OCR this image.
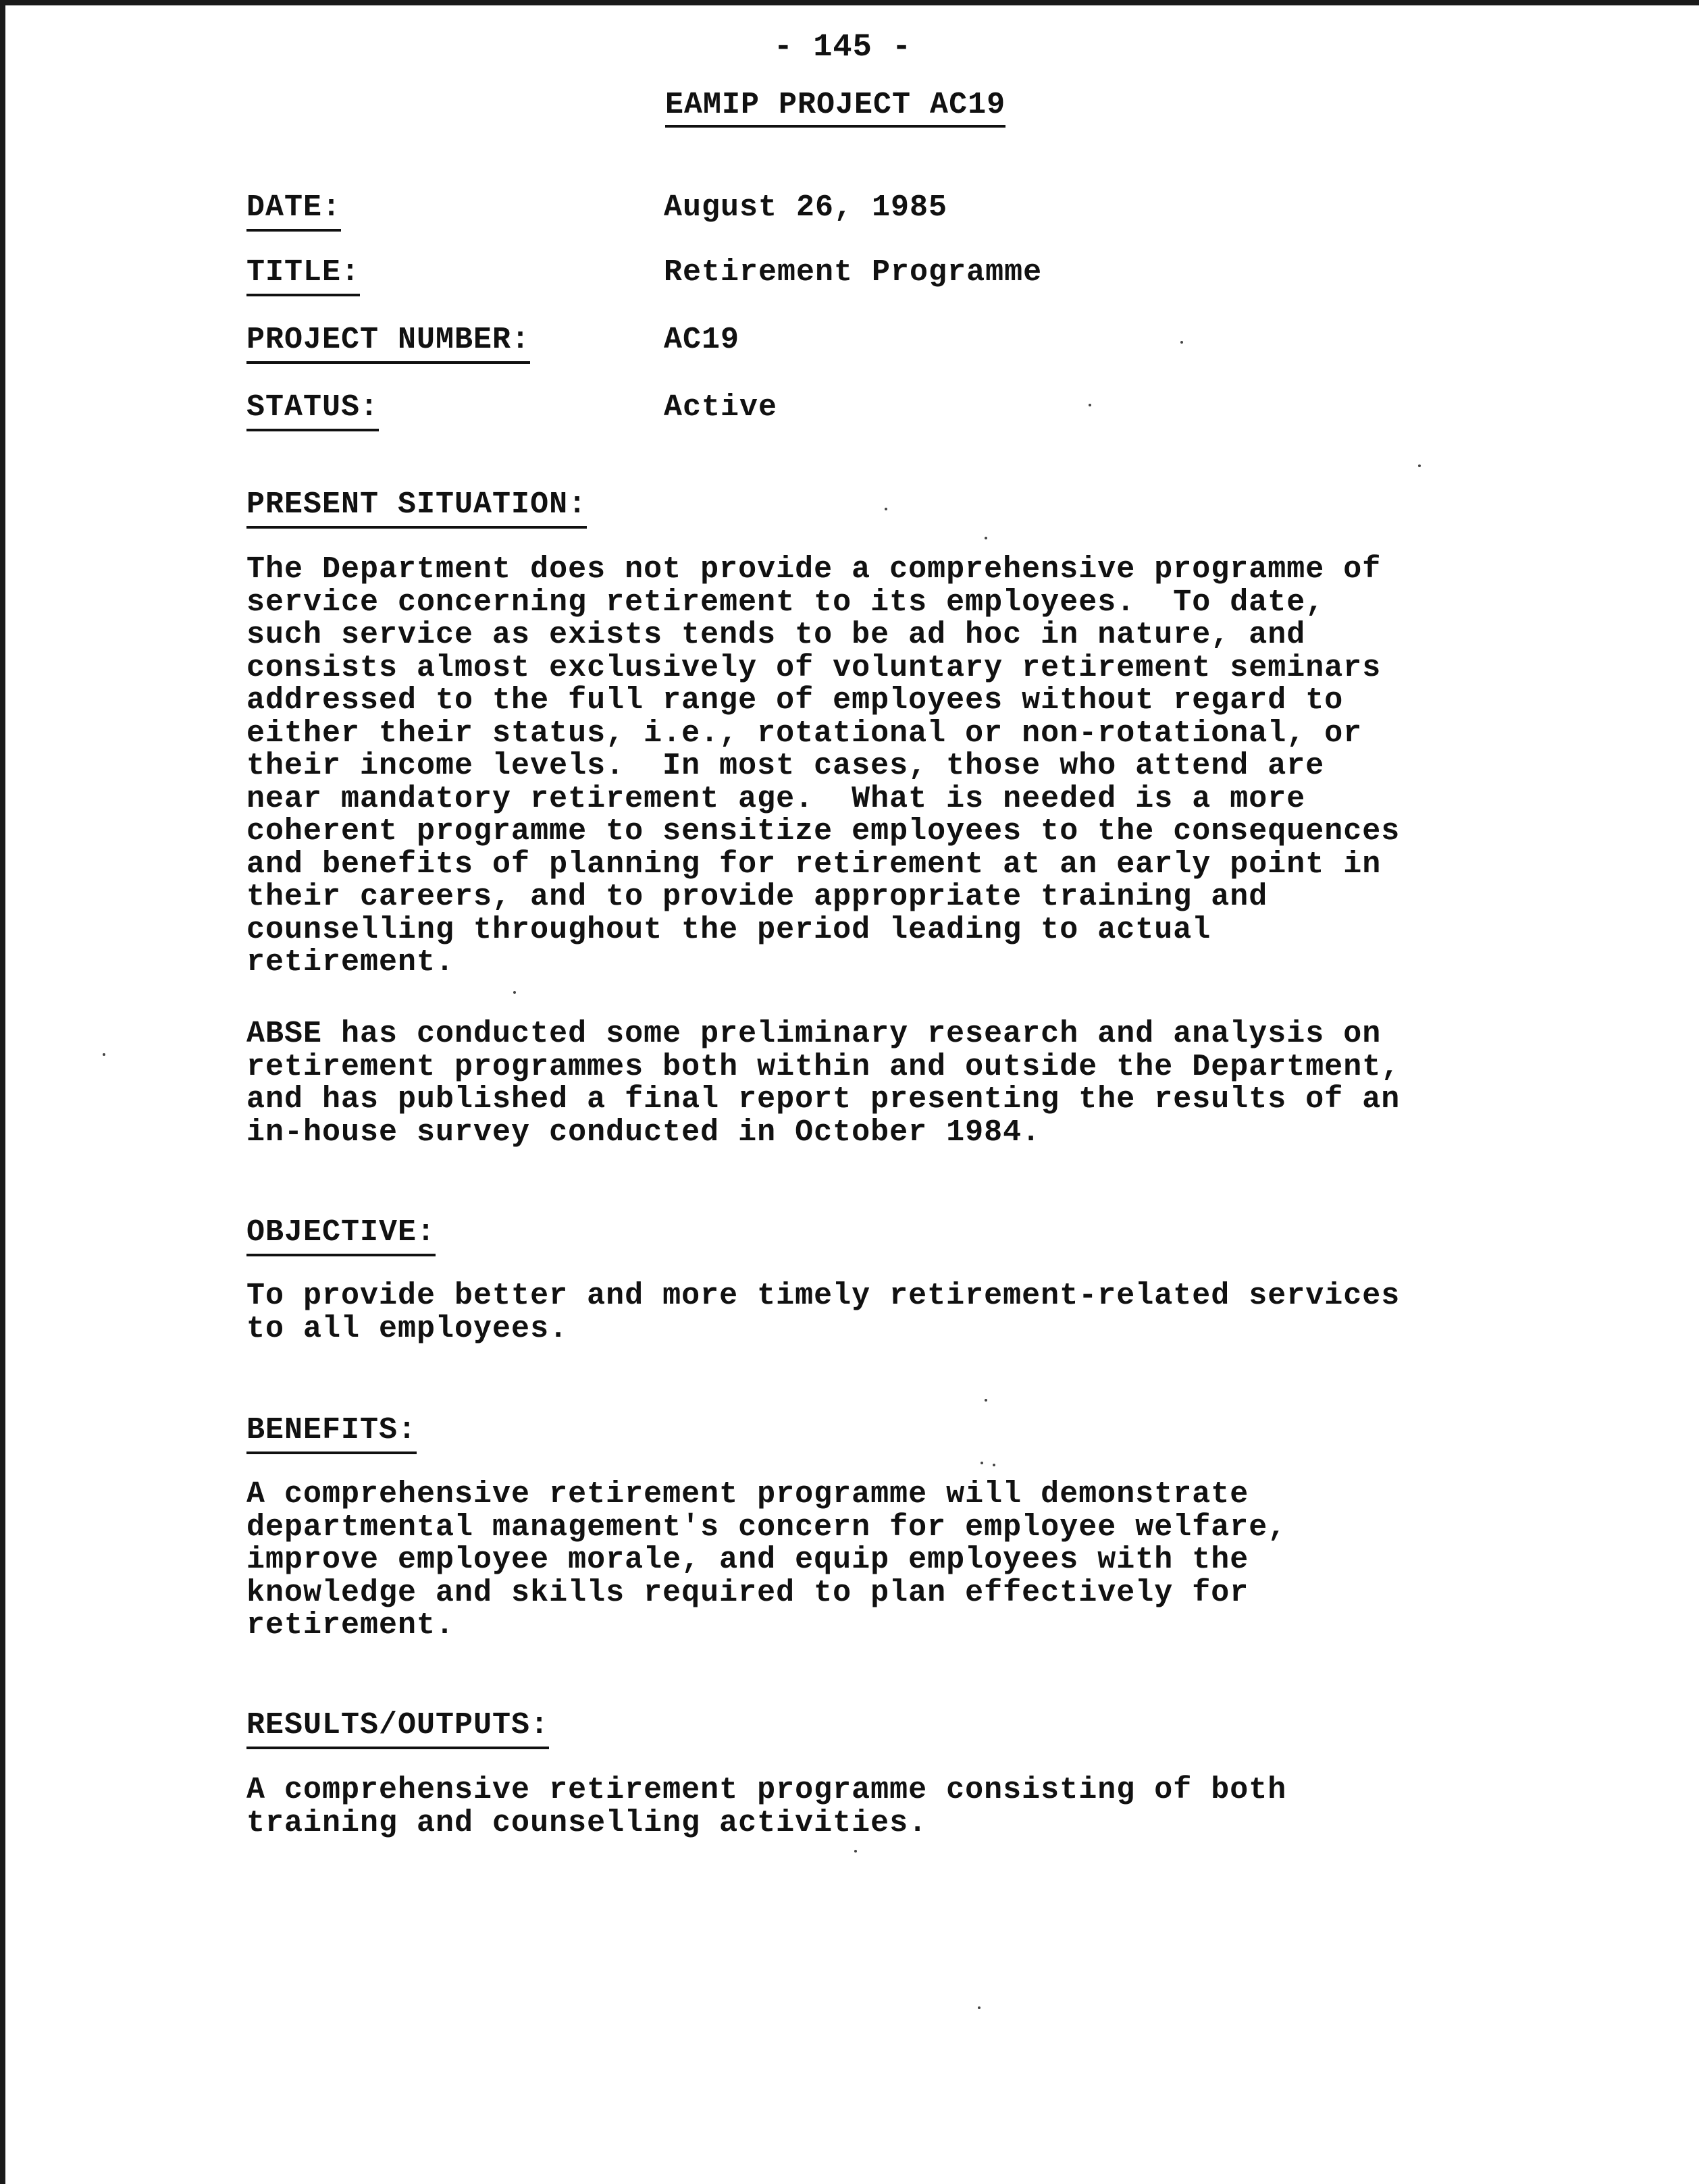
- 145 -
EAMIP PROJECT AC19
DATE:	August 26, 1985
TITLE:	Retirement Programme
PROJECT NUMBER:	AC19
STATUS:	Active
PRESENT SITUATION:

The Department does not provide a comprehensive programme of
service concerning retirement to its employees.  To date,
such service as exists tends to be ad hoc in nature, and
consists almost exclusively of voluntary retirement seminars
addressed to the full range of employees without regard to
either their status, i.e., rotational or non-rotational, or
their income levels.  In most cases, those who attend are
near mandatory retirement age.  What is needed is a more
coherent programme to sensitize employees to the consequences
and benefits of planning for retirement at an early point in
their careers, and to provide appropriate training and
counselling throughout the period leading to actual
retirement.

ABSE has conducted some preliminary research and analysis on
retirement programmes both within and outside the Department,
and has published a final report presenting the results of an
in-house survey conducted in October 1984.

OBJECTIVE:

To provide better and more timely retirement-related services
to all employees.

BENEFITS:

A comprehensive retirement programme will demonstrate
departmental management's concern for employee welfare,
improve employee morale, and equip employees with the
knowledge and skills required to plan effectively for
retirement.

RESULTS/OUTPUTS:

A comprehensive retirement programme consisting of both
training and counselling activities.
